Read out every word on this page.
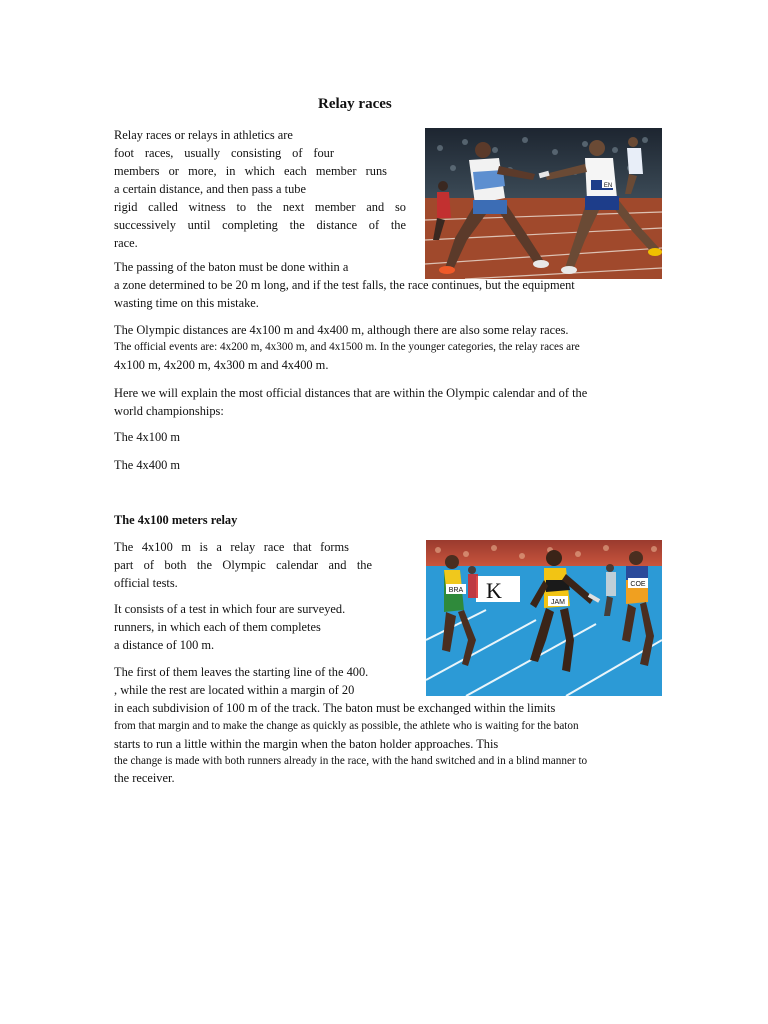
Relay races
Relay races or relays in athletics are
foot races, usually consisting of four
members or more, in which each member runs
a certain distance, and then pass a tube
rigid called witness to the next member and so
successively until completing the distance of the
race.
EN
The passing of the baton must be done within a
a zone determined to be 20 m long, and if the test falls, the race continues, but the equipment
wasting time on this mistake.
The Olympic distances are 4x100 m and 4x400 m, although there are also some relay races.
The official events are: 4x200 m, 4x300 m, and 4x1500 m. In the younger categories, the relay races are
4x100 m, 4x200 m, 4x300 m and 4x400 m.
Here we will explain the most official distances that are within the Olympic calendar and of the
world championships:
The 4x100 m
The 4x400 m
The 4x100 meters relay
The 4x100 m is a relay race that forms
part of both the Olympic calendar and the
official tests.
It consists of a test in which four are surveyed.
runners, in which each of them completes
a distance of 100 m.
The first of them leaves the starting line of the 400.
, while the rest are located within a margin of 20
in each subdivision of 100 m of the track. The baton must be exchanged within the limits
from that margin and to make the change as quickly as possible, the athlete who is waiting for the baton
starts to run a little within the margin when the baton holder approaches. This
the change is made with both runners already in the race, with the hand switched and in a blind manner to
the receiver.
BRA K	JAM
COE
